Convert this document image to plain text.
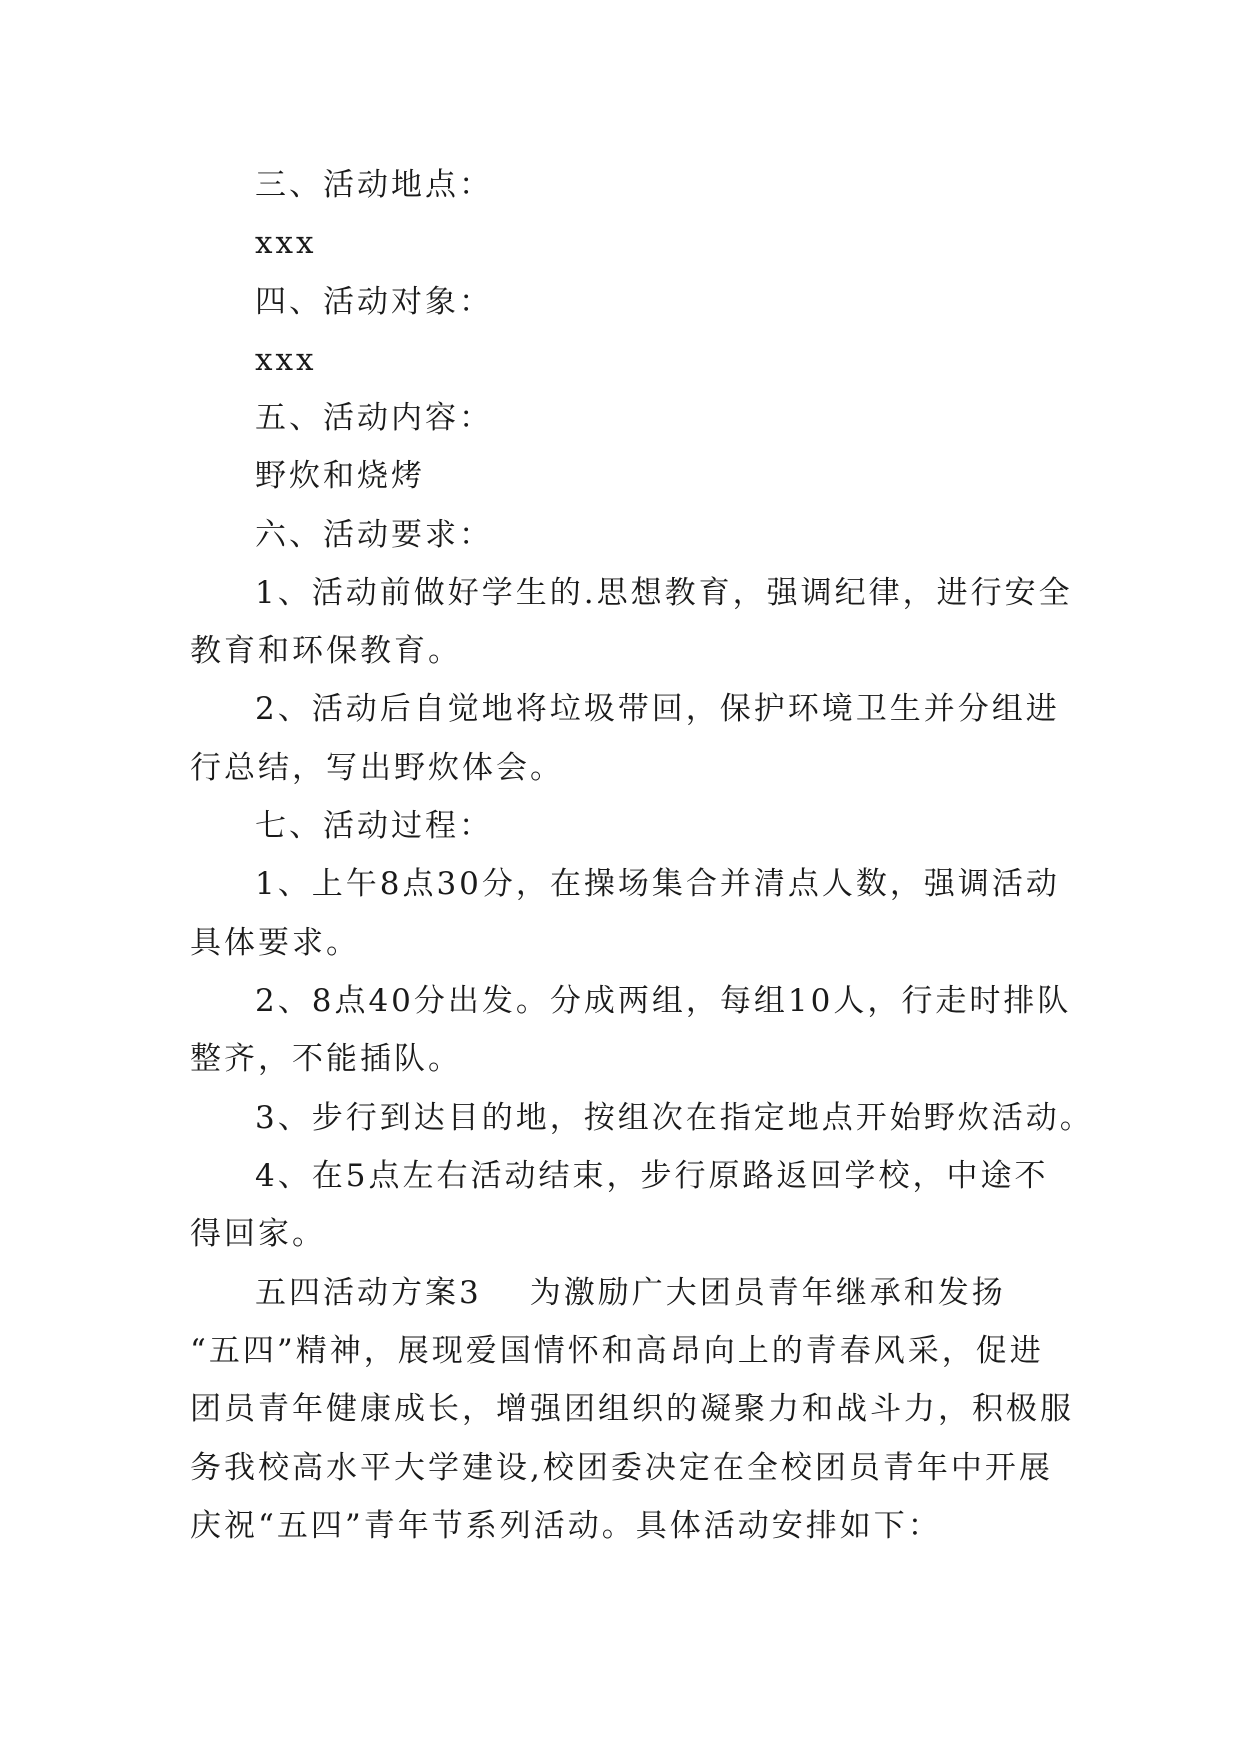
三、活动地点：

xxx

四、活动对象：

xxx

五、活动内容：

野炊和烧烤

六、活动要求：

1、活动前做好学生的.思想教育，强调纪律，进行安全

教育和环保教育。

2、活动后自觉地将垃圾带回，保护环境卫生并分组进

行总结，写出野炊体会。

七、活动过程：

1、上午8点30分，在操场集合并清点人数，强调活动

具体要求。

2、8点40分出发。分成两组，每组10人，行走时排队

整齐，不能插队。

3、步行到达目的地，按组次在指定地点开始野炊活动。

4、在5点左右活动结束，步行原路返回学校，中途不

得回家。

五四活动方案3 为激励广大团员青年继承和发扬

“五四”精神，展现爱国情怀和高昂向上的青春风采，促进

团员青年健康成长，增强团组织的凝聚力和战斗力，积极服

务我校高水平大学建设,校团委决定在全校团员青年中开展

庆祝“五四”青年节系列活动。具体活动安排如下：
